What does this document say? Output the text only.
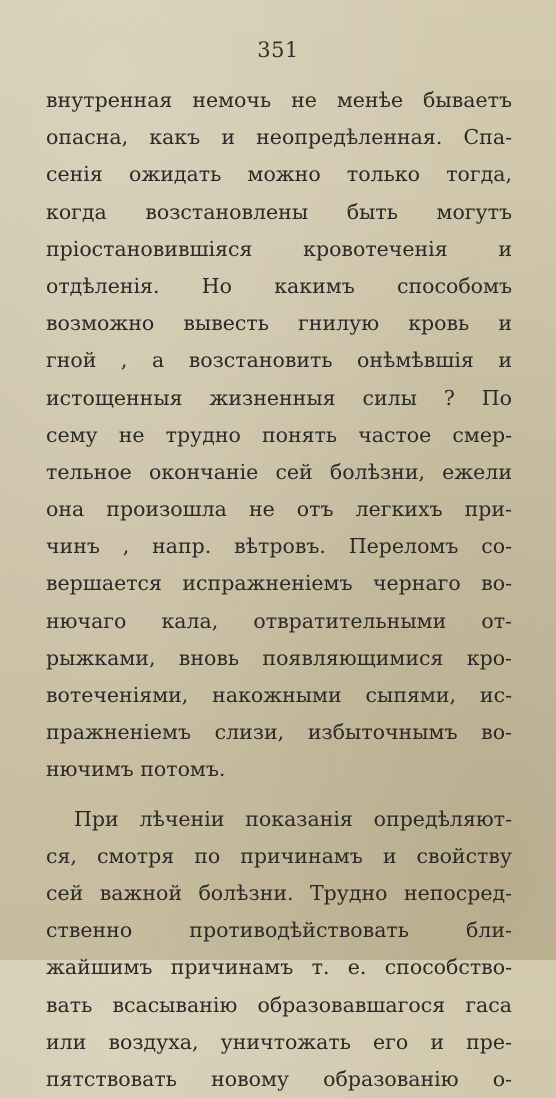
351
внутренная немочь не менѣе бываетъ
опасна, какъ и неопредѣленная. Спа-
сенія ожидать можно только тогда,
когда возстановлены быть могутъ
пріостановившіяся кровотеченія и
отдѣленія. Но какимъ способомъ
возможно вывесть гнилую кровь и
гной , а возстановить онѣмѣвшія и
истощенныя жизненныя силы ? По
сему не трудно понять частое смер-
тельное окончаніе сей болѣзни, ежели
она произошла не отъ легкихъ при-
чинъ , напр. вѣтровъ. Переломъ со-
вершается испражненіемъ чернаго во-
нючаго кала, отвратительными от-
рыжками, вновь появляющимися кро-
вотеченіями, накожными сыпями, ис-
пражненіемъ слизи, избыточнымъ во-
нючимъ потомъ.
При лѣченіи показанія опредѣляют-
ся, смотря по причинамъ и свойству
сей важной болѣзни. Трудно непосред-
ственно противодѣйствовать бли-
жайшимъ причинамъ т. е. способство-
вать всасыванію образовавшагося гаса
или воздуха, уничтожать его и пре-
пятствовать новому образованію о-
